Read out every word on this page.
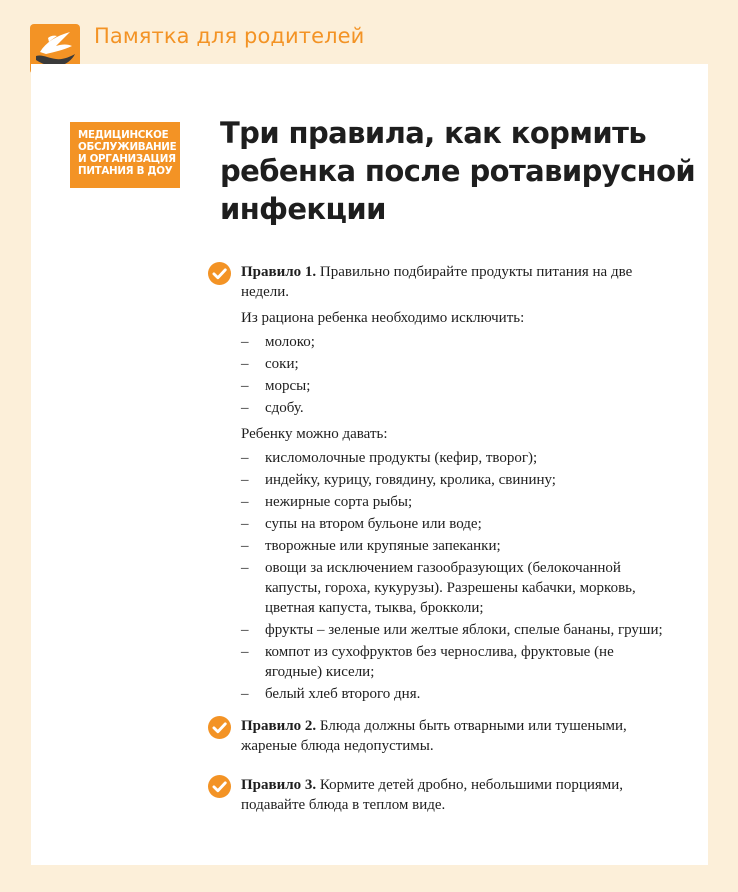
Памятка для родителей
МЕДИЦИНСКОЕ
ОБСЛУЖИВАНИЕ
И ОРГАНИЗАЦИЯ
ПИТАНИЯ В ДОУ
Три правила, как кормить
ребенка после ротавирусной
инфекции

Правило 1. Правильно подбирайте продукты питания на две недели.

Из рациона ребенка необходимо исключить:

– молоко;
– соки;
– морсы;
– сдобу.

Ребенку можно давать:

– кисломолочные продукты (кефир, творог);
– индейку, курицу, говядину, кролика, свинину;
– нежирные сорта рыбы;
– супы на втором бульоне или воде;
– творожные или крупяные запеканки;
– овощи за исключением газообразующих (белокочанной капусты, гороха, кукурузы). Разрешены кабачки, морковь, цветная капуста, тыква, брокколи;
– фрукты – зеленые или желтые яблоки, спелые бананы, груши;
– компот из сухофруктов без чернослива, фруктовые (не ягодные) кисели;
– белый хлеб второго дня.

Правило 2. Блюда должны быть отварными или тушеными, жареные блюда недопустимы.

Правило 3. Кормите детей дробно, небольшими порциями, подавайте блюда в теплом виде.
